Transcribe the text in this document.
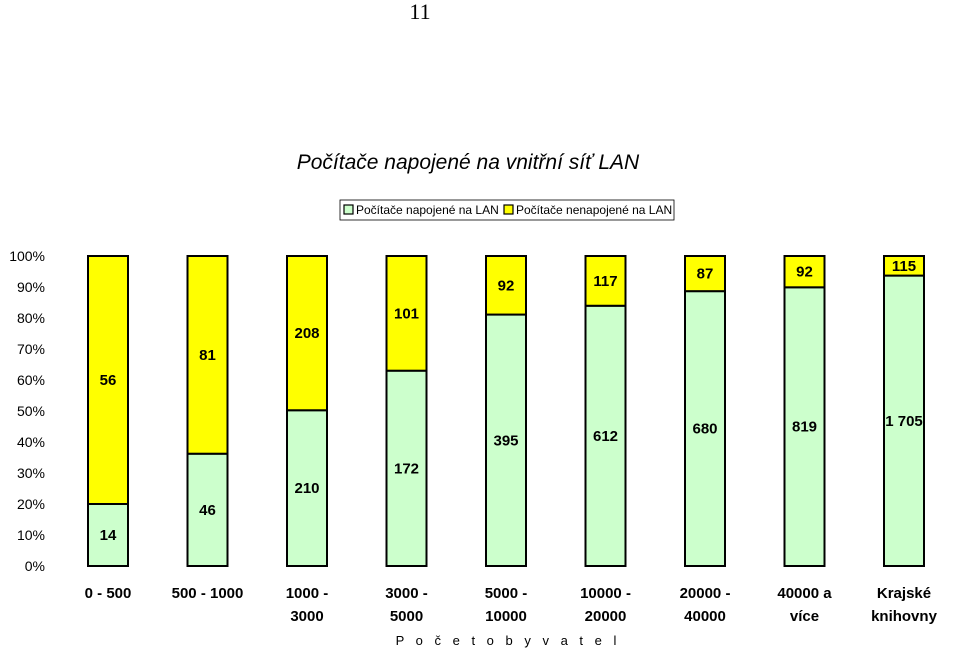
11
Počítače napojené na vnitřní síť LAN
Počítače napojené na LAN Počítače nenapojené na LAN
0%
10%
20%
30%
40%
50%
60%
70%
80%
90%
100%
14
56
46
81
210
208
172
101
395
92
612
117
680
87
819
92
1 705
115
0 - 500	500 - 1000	1000 -
3000
3000 -
5000
5000 -
10000
10000 -
20000
20000 -
40000
40000 a
více
Krajské
knihovny
P o č e t o b y v a t e l
